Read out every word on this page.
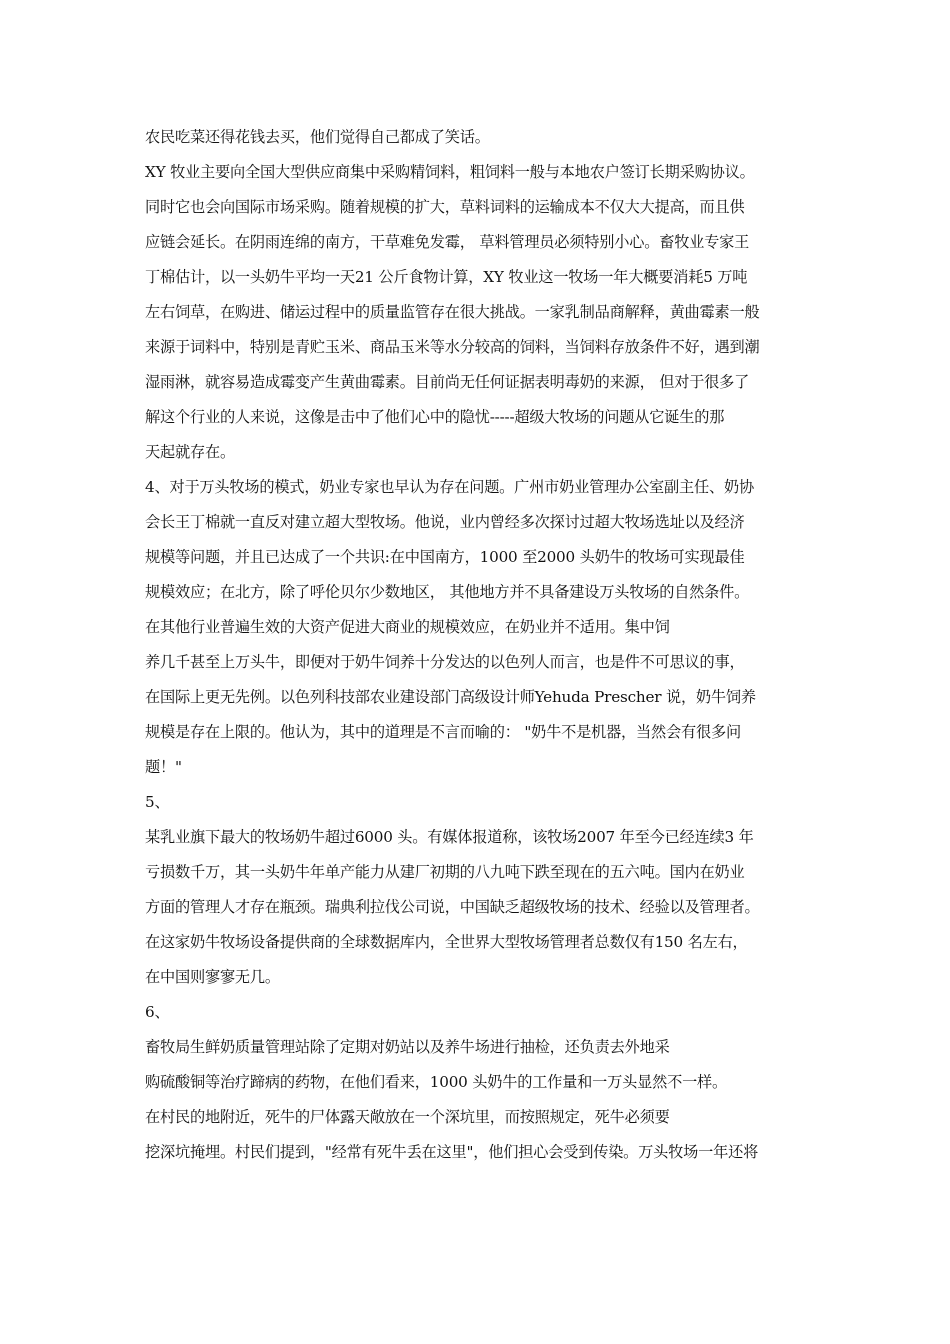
农民吃菜还得花钱去买，他们觉得自己都成了笑话。
XY 牧业主要向全国大型供应商集中采购精饲料，粗饲料一般与本地农户签订长期采购协议。
同时它也会向国际市场采购。随着规模的扩大，草料词料的运输成本不仅大大提高，而且供
应链会延长。在阴雨连绵的南方，干草难免发霉， 草料管理员必须特别小心。畜牧业专家王
丁棉估计，以一头奶牛平均一天21 公斤食物计算，XY 牧业这一牧场一年大概要消耗5 万吨
左右饲草，在购进、储运过程中的质量监管存在很大挑战。一家乳制品商解释，黄曲霉素一般
来源于词料中，特别是青贮玉米、商品玉米等水分较高的饲料，当饲料存放条件不好，遇到潮
湿雨淋，就容易造成霉变产生黄曲霉素。目前尚无任何证据表明毒奶的来源， 但对于很多了
解这个行业的人来说，这像是击中了他们心中的隐忧-----超级大牧场的问题从它诞生的那
天起就存在。
4、对于万头牧场的模式，奶业专家也早认为存在问题。广州市奶业管理办公室副主任、奶协
会长王丁棉就一直反对建立超大型牧场。他说，业内曾经多次探讨过超大牧场选址以及经济
规模等问题，并且已达成了一个共识:在中国南方，1000 至2000 头奶牛的牧场可实现最佳
规模效应；在北方，除了呼伦贝尔少数地区， 其他地方并不具备建设万头牧场的自然条件。
在其他行业普遍生效的大资产促进大商业的规模效应，在奶业并不适用。集中饲
养几千甚至上万头牛，即便对于奶牛饲养十分发达的以色列人而言，也是件不可思议的事，
在国际上更无先例。以色列科技部农业建设部门高级设计师Yehuda Prescher 说，奶牛饲养
规模是存在上限的。他认为，其中的道理是不言而喻的： "奶牛不是机器，当然会有很多问
题！"
5、
某乳业旗下最大的牧场奶牛超过6000 头。有媒体报道称，该牧场2007 年至今已经连续3 年
亏损数千万，其一头奶牛年单产能力从建厂初期的八九吨下跌至现在的五六吨。国内在奶业
方面的管理人才存在瓶颈。瑞典利拉伐公司说，中国缺乏超级牧场的技术、经验以及管理者。
在这家奶牛牧场设备提供商的全球数据库内，全世界大型牧场管理者总数仅有150 名左右，
在中国则寥寥无几。
6、
畜牧局生鲜奶质量管理站除了定期对奶站以及养牛场进行抽检，还负责去外地采
购硫酸铜等治疗蹄病的药物，在他们看来，1000 头奶牛的工作量和一万头显然不一样。
在村民的地附近，死牛的尸体露天敞放在一个深坑里，而按照规定，死牛必须要
挖深坑掩埋。村民们提到，"经常有死牛丢在这里"，他们担心会受到传染。万头牧场一年还将
